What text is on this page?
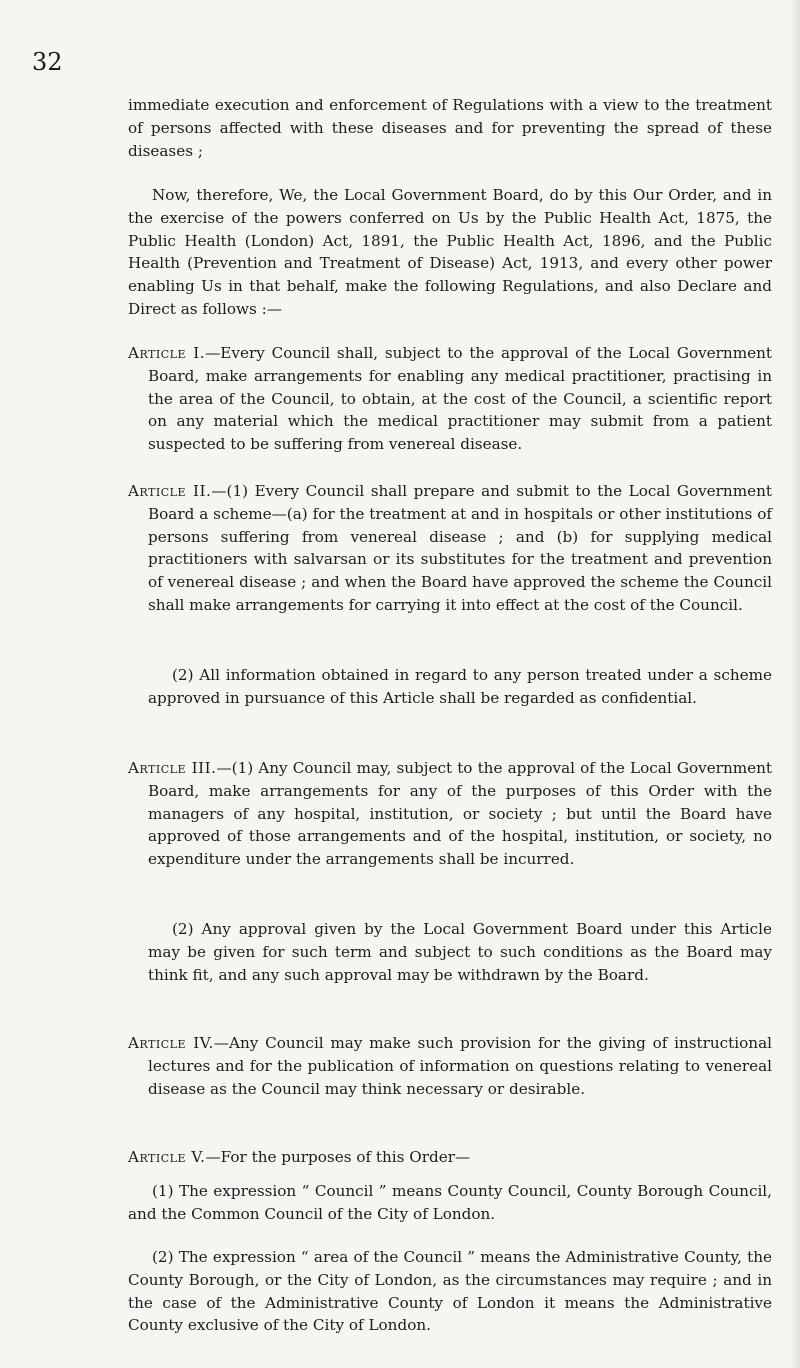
32

immediate execution and enforcement of Regulations with a view to the treatment of persons affected with these diseases and for preventing the spread of these diseases ;

Now, therefore, We, the Local Government Board, do by this Our Order, and in the exercise of the powers conferred on Us by the Public Health Act, 1875, the Public Health (London) Act, 1891, the Public Health Act, 1896, and the Public Health (Prevention and Treatment of Disease) Act, 1913, and every other power enabling Us in that behalf, make the following Regulations, and also Declare and Direct as follows :—

Article I.—Every Council shall, subject to the approval of the Local Government Board, make arrangements for enabling any medical practitioner, practising in the area of the Council, to obtain, at the cost of the Council, a scientific report on any material which the medical practitioner may submit from a patient suspected to be suffering from venereal disease.
Article II.—(1) Every Council shall prepare and submit to the Local Government Board a scheme—(a) for the treatment at and in hospitals or other institutions of persons suffering from venereal disease ; and (b) for supplying medical practitioners with salvarsan or its substitutes for the treatment and prevention of venereal disease ; and when the Board have approved the scheme the Council shall make arrangements for carrying it into effect at the cost of the Council.

(2) All information obtained in regard to any person treated under a scheme approved in pursuance of this Article shall be regarded as confidential.

Article III.—(1) Any Council may, subject to the approval of the Local Government Board, make arrangements for any of the purposes of this Order with the managers of any hospital, institution, or society ; but until the Board have approved of those arrangements and of the hospital, institution, or society, no expenditure under the arrangements shall be incurred.

(2) Any approval given by the Local Government Board under this Article may be given for such term and subject to such conditions as the Board may think fit, and any such approval may be withdrawn by the Board.

Article IV.—Any Council may make such provision for the giving of instructional lectures and for the publication of information on questions relating to venereal disease as the Council may think necessary or desirable.
Article V.—For the purposes of this Order—

(1) The expression “ Council ” means County Council, County Borough Council, and the Common Council of the City of London.

(2) The expression “ area of the Council ” means the Administrative County, the County Borough, or the City of London, as the circumstances may require ; and in the case of the Administrative County of London it means the Administrative County exclusive of the City of London.
